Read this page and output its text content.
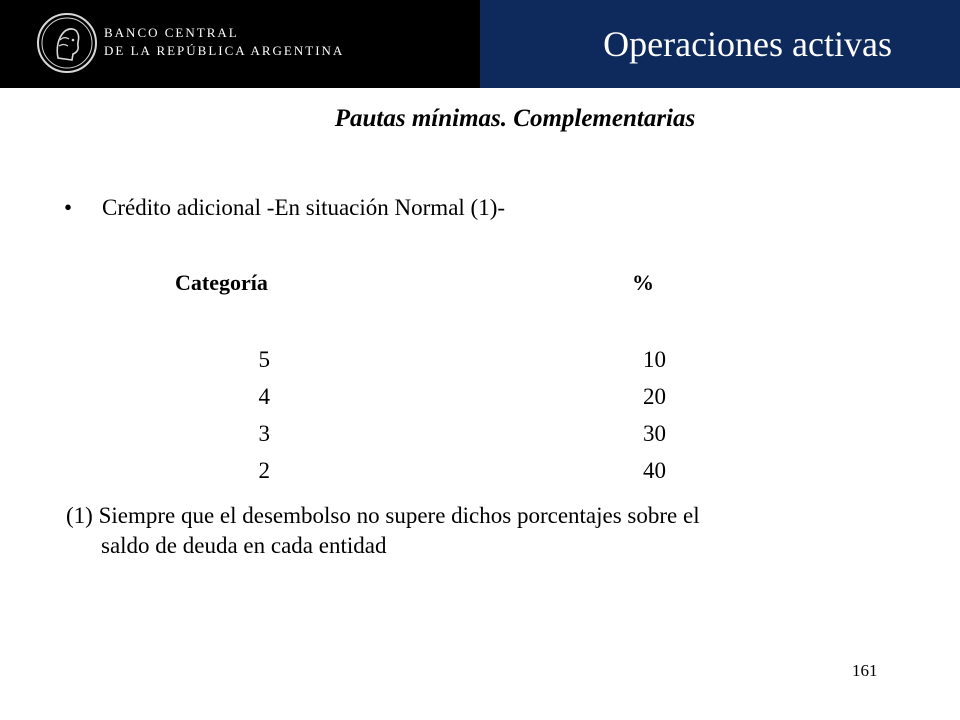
BANCO CENTRAL
DE LA REPÚBLICA ARGENTINA	Operaciones activas
Pautas mínimas. Complementarias
• Crédito adicional -En situación Normal (1)-
Categoría	%
5	10
4	20
3	30
2	40
(1) Siempre que el desembolso no supere dichos porcentajes sobre el
saldo de deuda en cada entidad
161
